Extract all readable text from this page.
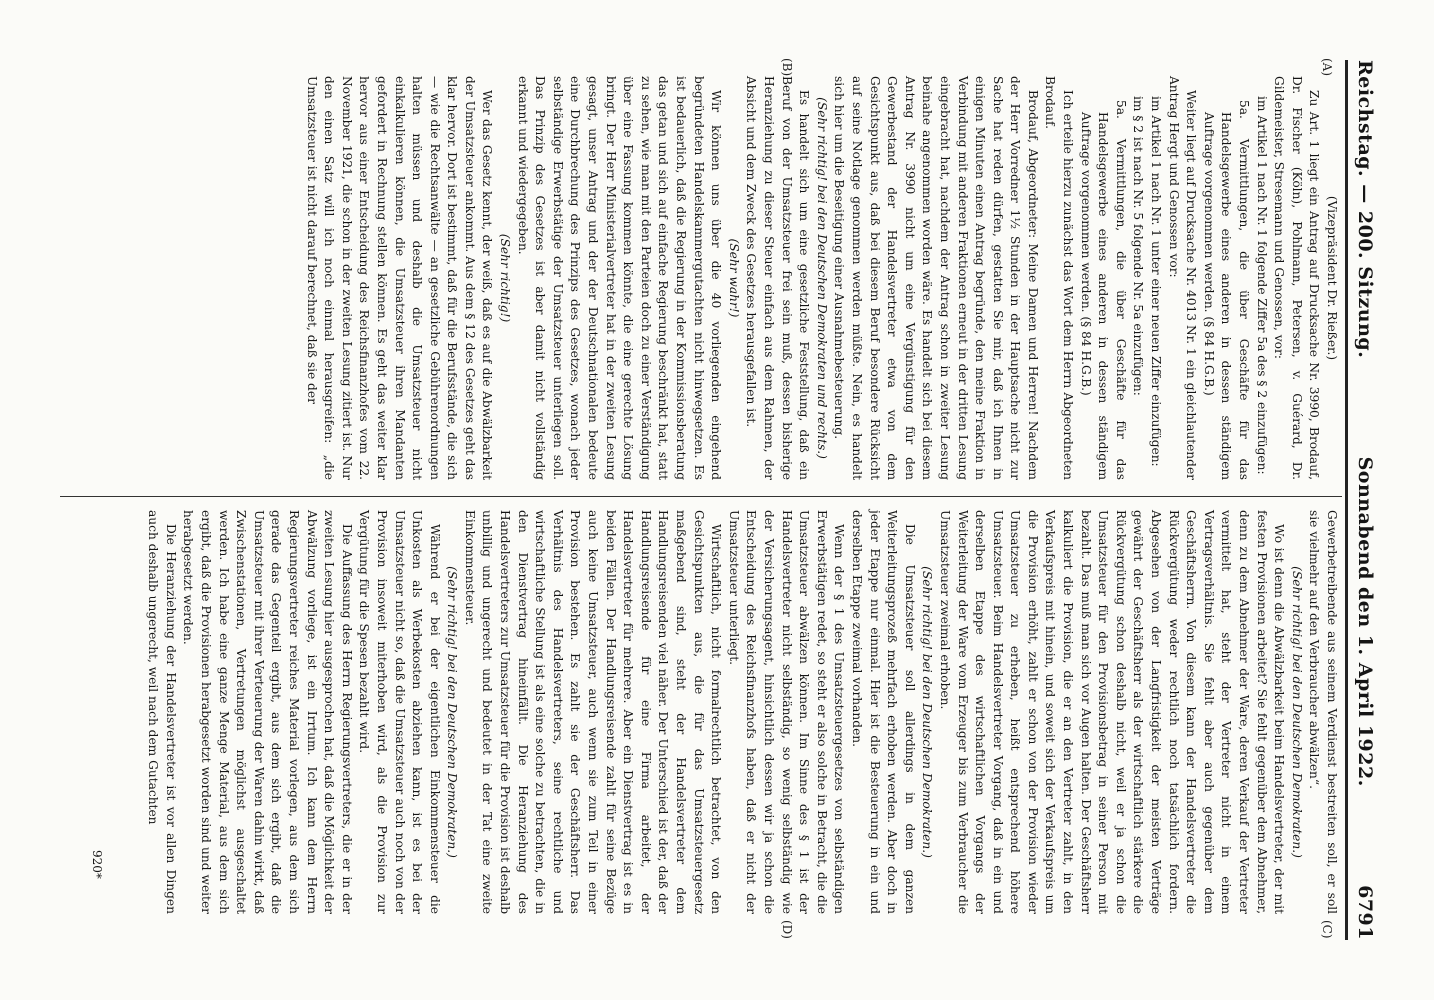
Reichstag. — 200. Sitzung.
Sonnabend den 1. April 1922.
6791
(A)
(B)
(C)
(D)

(Vizepräsident Dr. Rießer.)

Zu Art. 1 liegt ein Antrag auf Drucksache Nr. 3990, Brodauf, Dr. Fischer (Köln), Pohlmann, Petersen, v. Guérard, Dr. Gildemeister, Stresemann und Genossen, vor:

im Artikel 1 nach Nr. 1 folgende Ziffer 5a des § 2 einzufügen:

5a. Vermittlungen, die über Geschäfte für das Handelsgewerbe eines anderen in dessen ständigem Auftrage vorgenommen werden. (§ 84 H.G.B.)

Weiter liegt auf Drucksache Nr. 4013 Nr. 1 ein gleichlautender Antrag Hergt und Genossen vor:

im Artikel 1 nach Nr. 1 unter einer neuen Ziffer einzufügen:

im § 2 ist nach Nr. 5 folgende Nr. 5a einzufügen:

5a. Vermittlungen, die über Geschäfte für das Handelsgewerbe eines anderen in dessen ständigem Auftrage vorgenommen werden. (§ 84 H.G.B.)

Ich erteile hierzu zunächst das Wort dem Herrn Abgeordneten Brodauf.

Brodauf, Abgeordneter: Meine Damen und Herren! Nachdem der Herr Vorredner 1½ Stunden in der Hauptsache nicht zur Sache hat reden dürfen, gestatten Sie mir, daß ich Ihnen in einigen Minuten einen Antrag begründe, den meine Fraktion in Verbindung mit anderen Fraktionen erneut in der dritten Lesung eingebracht hat, nachdem der Antrag schon in zweiter Lesung beinahe angenommen worden wäre. Es handelt sich bei diesem Antrag Nr. 3990 nicht um eine Vergünstigung für den Gewerbestand der Handelsvertreter etwa von dem Gesichtspunkt aus, daß bei diesem Beruf besondere Rücksicht auf seine Notlage genommen werden müßte. Nein, es handelt sich hier um die Beseitigung einer Ausnahmebesteuerung.

(Sehr richtig! bei den Deutschen Demokraten und rechts.)

Es handelt sich um eine gesetzliche Feststellung, daß ein Beruf von der Umsatzsteuer frei sein muß, dessen bisherige Heranziehung zu dieser Steuer einfach aus dem Rahmen, der Absicht und dem Zweck des Gesetzes herausgefallen ist.

(Sehr wahr!)

Wir können uns über die 40 vorliegenden eingehend begründeten Handelskammergutachten nicht hinwegsetzen. Es ist bedauerlich, daß die Regierung in der Kommissionsberatung das getan und sich auf einfache Regierung beschränkt hat, statt zu sehen, wie man mit den Parteien doch zu einer Verständigung über eine Fassung kommen könnte, die eine gerechte Lösung bringt. Der Herr Ministerialvertreter hat in der zweiten Lesung gesagt, unser Antrag und der der Deutschnationalen bedeute eine Durchbrechung des Prinzips des Gesetzes, wonach jeder selbständige Erwerbstätige der Umsatzsteuer unterliegen soll. Das Prinzip des Gesetzes ist aber damit nicht vollständig erkannt und wiedergegeben.

(Sehr richtig!)

Wer das Gesetz kennt, der weiß, daß es auf die Abwälzbarkeit der Umsatzsteuer ankommt. Aus dem § 12 des Gesetzes geht das klar hervor. Dort ist bestimmt, daß für die Berufsstände, die sich — wie die Rechtsanwälte — an gesetzliche Gebührenordnungen halten müssen und deshalb die Umsatzsteuer nicht einkalkulieren können, die Umsatzsteuer ihren Mandanten gefordert in Rechnung stellen können. Es geht das weiter klar hervor aus einer Entscheidung des Reichsfinanzhofes vom 22. November 1921, die schon in der zweiten Lesung zitiert ist. Nur den einen Satz will ich noch einmal herausgreifen: „die Umsatzsteuer ist nicht darauf berechnet, daß sie der

Gewerbetreibende aus seinem Verdienst bestreiten soll, er soll sie vielmehr auf den Verbraucher abwälzen“.

(Sehr richtig! bei den Deutschen Demokraten.)

Wo ist denn die Abwälzbarkeit beim Handelsvertreter, der mit festen Provisionen arbeitet? Sie fehlt gegenüber dem Abnehmer, denn zu dem Abnehmer der Ware, deren Verkauf der Vertreter vermittelt hat, steht der Vertreter nicht in einem Vertragsverhältnis. Sie fehlt aber auch gegenüber dem Geschäftsherrn. Von diesem kann der Handelsvertreter die Rückvergütung weder rechtlich noch tatsächlich fordern. Abgesehen von der Langfristigkeit der meisten Verträge gewährt der Geschäftsherr als der wirtschaftlich stärkere die Rückvergütung schon deshalb nicht, weil er ja schon die Umsatzsteuer für den Provisionsbetrag in seiner Person mit bezahlt. Das muß man sich vor Augen halten. Der Geschäftsherr kalkuliert die Provision, die er an den Vertreter zahlt, in den Verkaufspreis mit hinein, und soweit sich der Verkaufspreis um die Provision erhöht, zahlt er schon von der Provision wieder Umsatzsteuer zu erheben, heißt entsprechend höhere Umsatzsteuer. Beim Handelsvertreter Vorgang, daß in ein und derselben Etappe des wirtschaftlichen Vorgangs der Weiterleitung der Ware vom Erzeuger bis zum Verbraucher die Umsatzsteuer zweimal erhoben.

(Sehr richtig! bei den Deutschen Demokraten.)

Die Umsatzsteuer soll allerdings in dem ganzen Weiterleitungsprozeß mehrfach erhoben werden. Aber doch in jeder Etappe nur einmal. Hier ist die Besteuerung in ein und derselben Etappe zweimal vorhanden.

Wenn der § 1 des Umsatzsteuergesetzes von selbständigen Erwerbstätigen redet, so steht er also solche in Betracht, die die Umsatzsteuer abwälzen können. Im Sinne des § 1 ist der Handelsvertreter nicht selbständig, so wenig selbständig wie der Versicherungsagent, hinsichtlich dessen wir ja schon die Entscheidung des Reichsfinanzhofs haben, daß er nicht der Umsatzsteuer unterliegt.

Wirtschaftlich, nicht formalrechtlich betrachtet, von den Gesichtspunkten aus, die für das Umsatzsteuergesetz maßgebend sind, steht der Handelsvertreter dem Handlungsreisenden viel näher. Der Unterschied ist der, daß der Handlungsreisende für eine Firma arbeitet, der Handelsvertreter für mehrere. Aber ein Dienstvertrag ist es in beiden Fällen. Der Handlungsreisende zahlt für seine Bezüge auch keine Umsatzsteuer, auch wenn sie zum Teil in einer Provision bestehen. Es zahlt sie der Geschäftsherr. Das Verhältnis des Handelsvertreters, seine rechtliche und wirtschaftliche Stellung ist als eine solche zu betrachten, die in den Dienstvertrag hineinfällt. Die Heranziehung des Handelsvertreters zur Umsatzsteuer für die Provision ist deshalb unbillig und ungerecht und bedeutet in der Tat eine zweite Einkommensteuer.

(Sehr richtig! bei den Deutschen Demokraten.)

Während er bei der eigentlichen Einkommensteuer die Unkosten als Werbekosten abziehen kann, ist es bei der Umsatzsteuer nicht so, daß die Umsatzsteuer auch noch von der Provision insoweit miterhoben wird, als die Provision zur Vergütung für die Spesen bezahlt wird.

Die Auffassung des Herrn Regierungsvertreters, die er in der zweiten Lesung hier ausgesprochen hat, daß die Möglichkeit der Abwälzung vorliege, ist ein Irrtum. Ich kann dem Herrn Regierungsvertreter reiches Material vorlegen, aus dem sich gerade das Gegenteil ergibt, aus dem sich ergibt, daß die Umsatzsteuer mit ihrer Verteuerung der Waren dahin wirkt, daß Zwischenstationen, Vertretungen möglichst ausgeschaltet werden. Ich habe eine ganze Menge Material, aus dem sich ergibt, daß die Provisionen herabgesetzt worden sind und weiter herabgesetzt werden.

Die Heranziehung der Handelsvertreter ist vor allen Dingen auch deshalb ungerecht, weil nach dem Gutachten

920*
